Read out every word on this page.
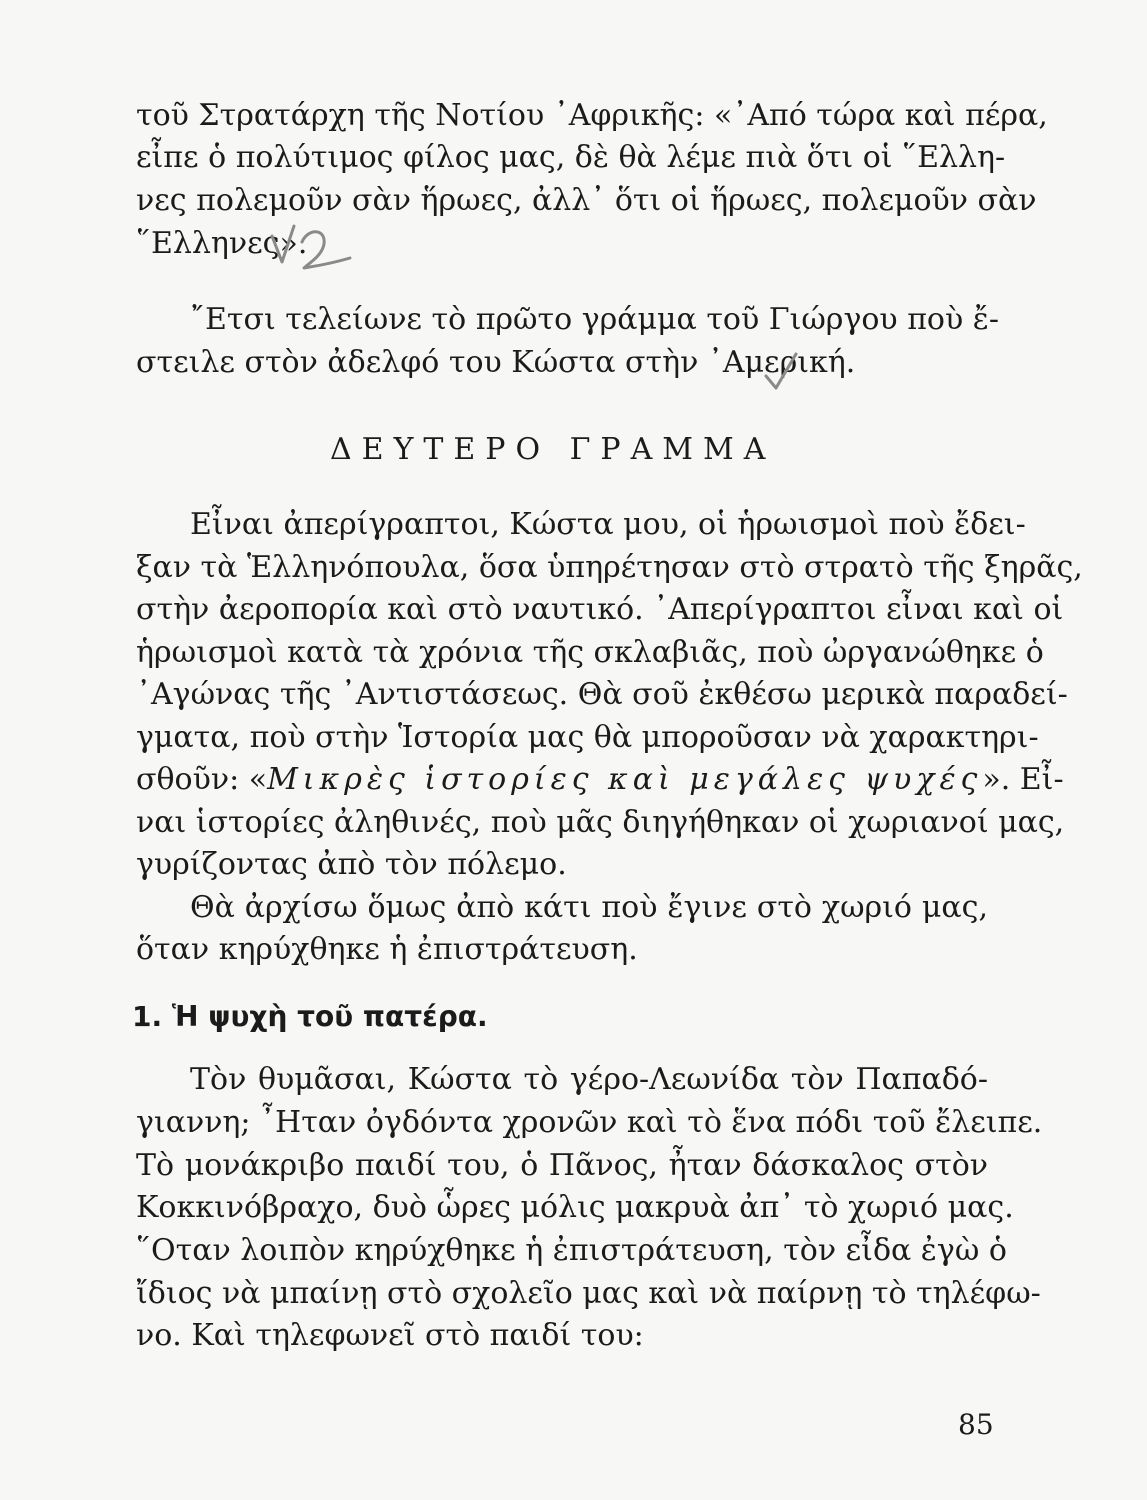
τοῦ Στρατάρχη τῆς Νοτίου ᾿Αφρικῆς: «᾿Από τώρα καὶ πέρα,
εἶπε ὁ πολύτιμος φίλος μας, δὲ θὰ λέμε πιὰ ὅτι οἱ ῞Ελλη-
νες πολεμοῦν σὰν ἥρωες, ἀλλ᾿ ὅτι οἱ ἥρωες, πολεμοῦν σὰν
῞Ελληνες».
῎Ετσι τελείωνε τὸ πρῶτο γράμμα τοῦ Γιώργου ποὺ ἔ-
στειλε στὸν ἀδελφό του Κώστα στὴν ᾿Αμερική.
ΔΕΥΤΕΡΟ ΓΡΑΜΜΑ
Εἶναι ἀπερίγραπτοι, Κώστα μου, οἱ ἡρωισμοὶ ποὺ ἔδει-
ξαν τὰ Ἑλληνόπουλα, ὅσα ὑπηρέτησαν στὸ στρατὸ τῆς ξηρᾶς,
στὴν ἀεροπορία καὶ στὸ ναυτικό. ᾿Απερίγραπτοι εἶναι καὶ οἱ
ἡρωισμοὶ κατὰ τὰ χρόνια τῆς σκλαβιᾶς, ποὺ ὠργανώθηκε ὁ
᾿Αγώνας τῆς ᾿Αντιστάσεως. Θὰ σοῦ ἐκθέσω μερικὰ παραδεί-
γματα, ποὺ στὴν Ἱστορία μας θὰ μποροῦσαν νὰ χαρακτηρι-
σθοῦν: «Μικρὲς ἱστορίες καὶ μεγάλες ψυχές». Εἶ-
ναι ἱστορίες ἀληθινές, ποὺ μᾶς διηγήθηκαν οἱ χωριανοί μας,
γυρίζοντας ἀπὸ τὸν πόλεμο.
Θὰ ἀρχίσω ὅμως ἀπὸ κάτι ποὺ ἔγινε στὸ χωριό μας,
ὅταν κηρύχθηκε ἡ ἐπιστράτευση.
1. Ἡ ψυχὴ τοῦ πατέρα.
Τὸν θυμᾶσαι, Κώστα τὸ γέρο-Λεωνίδα τὸν Παπαδό-
γιαννη; ῏Ηταν ὀγδόντα χρονῶν καὶ τὸ ἕνα πόδι τοῦ ἔλειπε.
Τὸ μονάκριβο παιδί του, ὁ Πᾶνος, ἦταν δάσκαλος στὸν
Κοκκινόβραχο, δυὸ ὧρες μόλις μακρυὰ ἀπ᾿ τὸ χωριό μας.
῞Οταν λοιπὸν κηρύχθηκε ἡ ἐπιστράτευση, τὸν εἶδα ἐγὼ ὁ
ἴδιος νὰ μπαίνῃ στὸ σχολεῖο μας καὶ νὰ παίρνῃ τὸ τηλέφω-
νο. Καὶ τηλεφωνεῖ στὸ παιδί του:
85
